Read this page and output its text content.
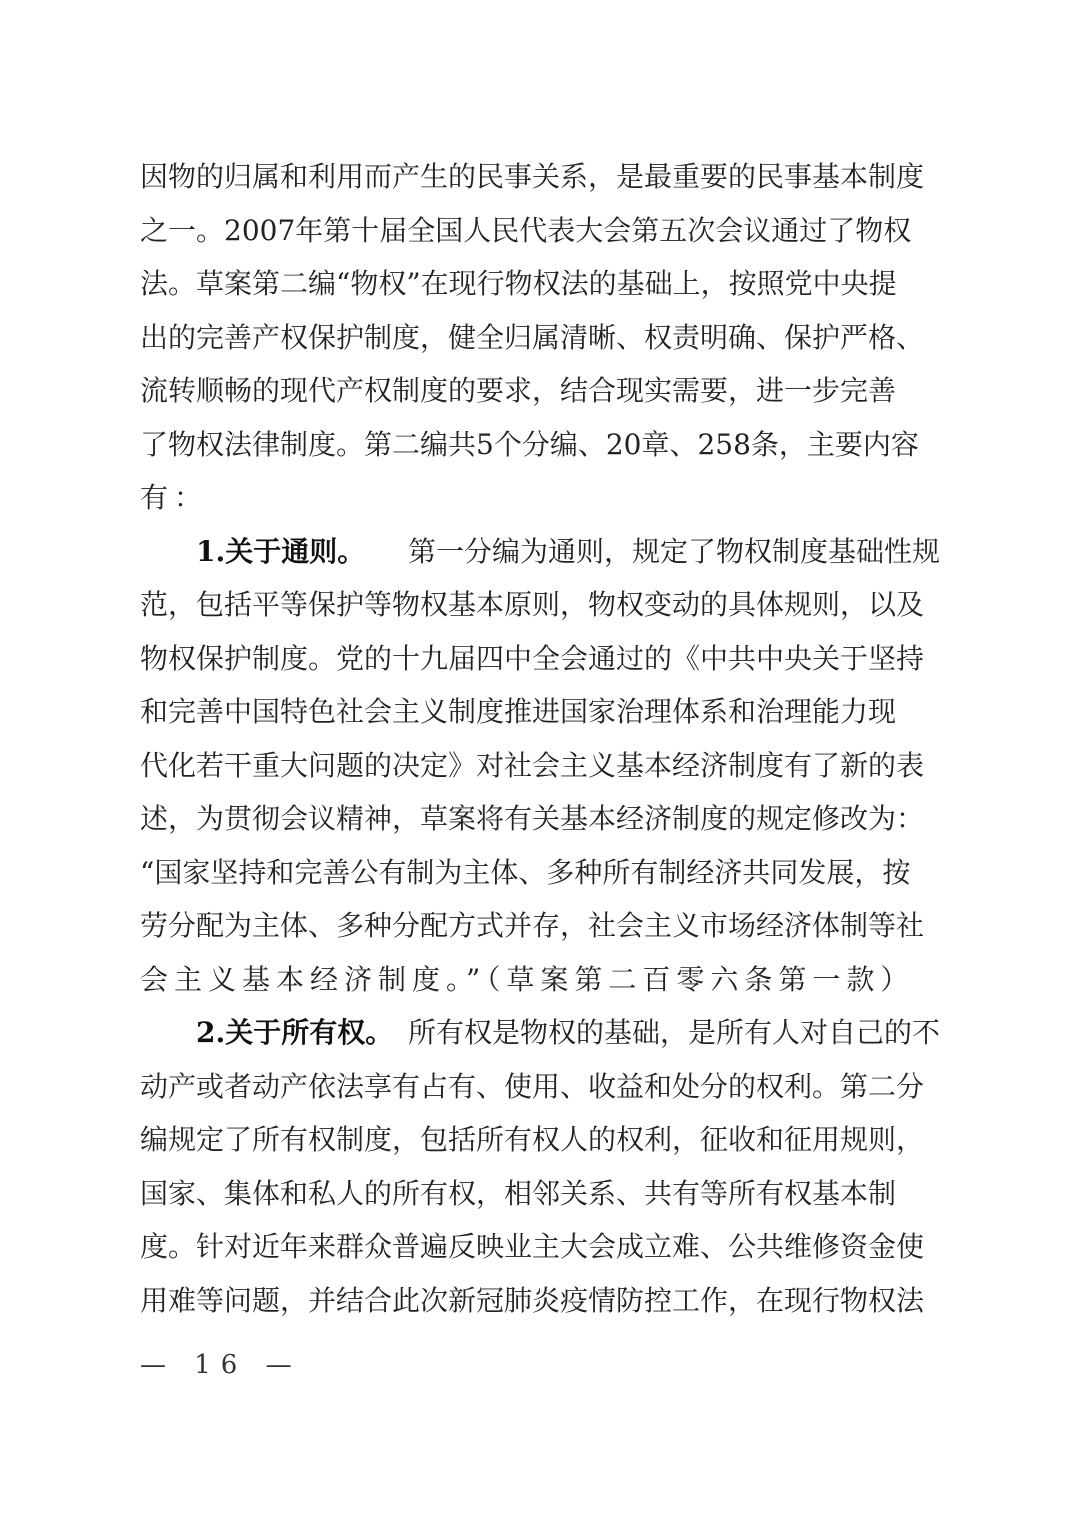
因物的归属和利用而产生的民事关系，是最重要的民事基本制度
之一。2007年第十届全国人民代表大会第五次会议通过了物权
法。草案第二编“物权”在现行物权法的基础上，按照党中央提
出的完善产权保护制度，健全归属清晰、权责明确、保护严格、
流转顺畅的现代产权制度的要求，结合现实需要，进一步完善
了物权法律制度。第二编共5个分编、20章、258条，主要内容
有：
1.关于通则。 第一分编为通则，规定了物权制度基础性规
范，包括平等保护等物权基本原则，物权变动的具体规则，以及
物权保护制度。党的十九届四中全会通过的《中共中央关于坚持
和完善中国特色社会主义制度推进国家治理体系和治理能力现
代化若干重大问题的决定》对社会主义基本经济制度有了新的表
述，为贯彻会议精神，草案将有关基本经济制度的规定修改为：
“国家坚持和完善公有制为主体、多种所有制经济共同发展，按
劳分配为主体、多种分配方式并存，社会主义市场经济体制等社
会主义基本经济制度。”（草案第二百零六条第一款）
2.关于所有权。 所有权是物权的基础，是所有人对自己的不
动产或者动产依法享有占有、使用、收益和处分的权利。第二分
编规定了所有权制度，包括所有权人的权利，征收和征用规则，
国家、集体和私人的所有权，相邻关系、共有等所有权基本制
度。针对近年来群众普遍反映业主大会成立难、公共维修资金使
用难等问题，并结合此次新冠肺炎疫情防控工作，在现行物权法
— 16 —
